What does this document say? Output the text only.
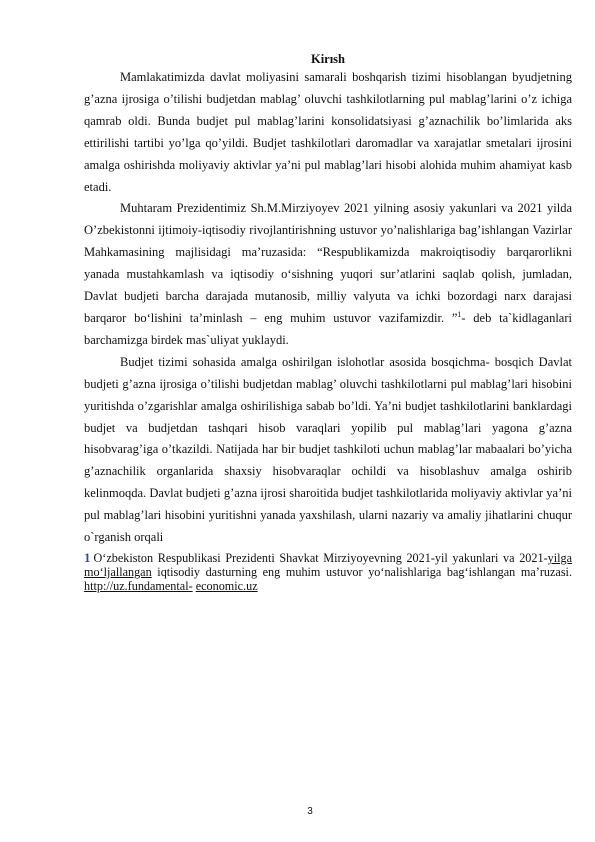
Kirısh

Mamlakatimizda davlat moliyasini samarali boshqarish tizimi hisoblangan byudjetning g’azna ijrosiga o’tilishi budjetdan mablag’ oluvchi tashkilotlarning pul mablag’larini o’z ichiga qamrab oldi. Bunda budjet pul mablag’larini konsolidatsiyasi g’aznachilik bo’limlarida aks ettirilishi tartibi yo’lga qo’yildi. Budjet tashkilotlari daromadlar va xarajatlar smetalari ijrosini amalga oshirishda moliyaviy aktivlar ya’ni pul mablag’lari hisobi alohida muhim ahamiyat kasb etadi.

Muhtaram Prezidentimiz Sh.M.Mirziyoyev 2021 yilning asosiy yakunlari va 2021 yilda O’zbekistonni ijtimoiy-iqtisodiy rivojlantirishning ustuvor yo’nalishlariga bag’ishlangan Vazirlar Mahkamasining majlisidagi ma’ruzasida: “Respublikamizda makroiqtisodiy barqarorlikni yanada mustahkamlash va iqtisodiy o‘sishning yuqori sur’atlarini saqlab qolish, jumladan, Davlat budjeti barcha darajada mutanosib, milliy valyuta va ichki bozordagi narx darajasi barqaror bo‘lishini ta’minlash – eng muhim ustuvor vazifamizdir. ”$^1$- deb ta`kidlaganlari barchamizga birdek mas`uliyat yuklaydi.

Budjet tizimi sohasida amalga oshirilgan islohotlar asosida bosqichma- bosqich Davlat budjeti g’azna ijrosiga o’tilishi budjetdan mablag’ oluvchi tashkilotlarni pul mablag’lari hisobini yuritishda o’zgarishlar amalga oshirilishiga sabab bo’ldi. Ya’ni budjet tashkilotlarini banklardagi budjet va budjetdan tashqari hisob varaqlari yopilib pul mablag’lari yagona g’azna hisobvarag’iga o’tkazildi. Natijada har bir budjet tashkiloti uchun mablag’lar mabaalari bo’yicha g’aznachilik organlarida shaxsiy hisobvaraqlar ochildi va hisoblashuv amalga oshirib kelinmoqda. Davlat budjeti g’azna ijrosi sharoitida budjet tashkilotlarida moliyaviy aktivlar ya’ni pul mablag’lari hisobini yuritishni yanada yaxshilash, ularni nazariy va amaliy jihatlarini chuqur o`rganish orqali

1 O‘zbekiston Respublikasi Prezidenti Shavkat Mirziyoyevning 2021-yil yakunlari va 2021-yilga mo‘ljallangan iqtisodiy dasturning eng muhim ustuvor yo‘nalishlariga bag‘ishlangan ma’ruzasi. http://uz.fundamental- economic.uz
3
